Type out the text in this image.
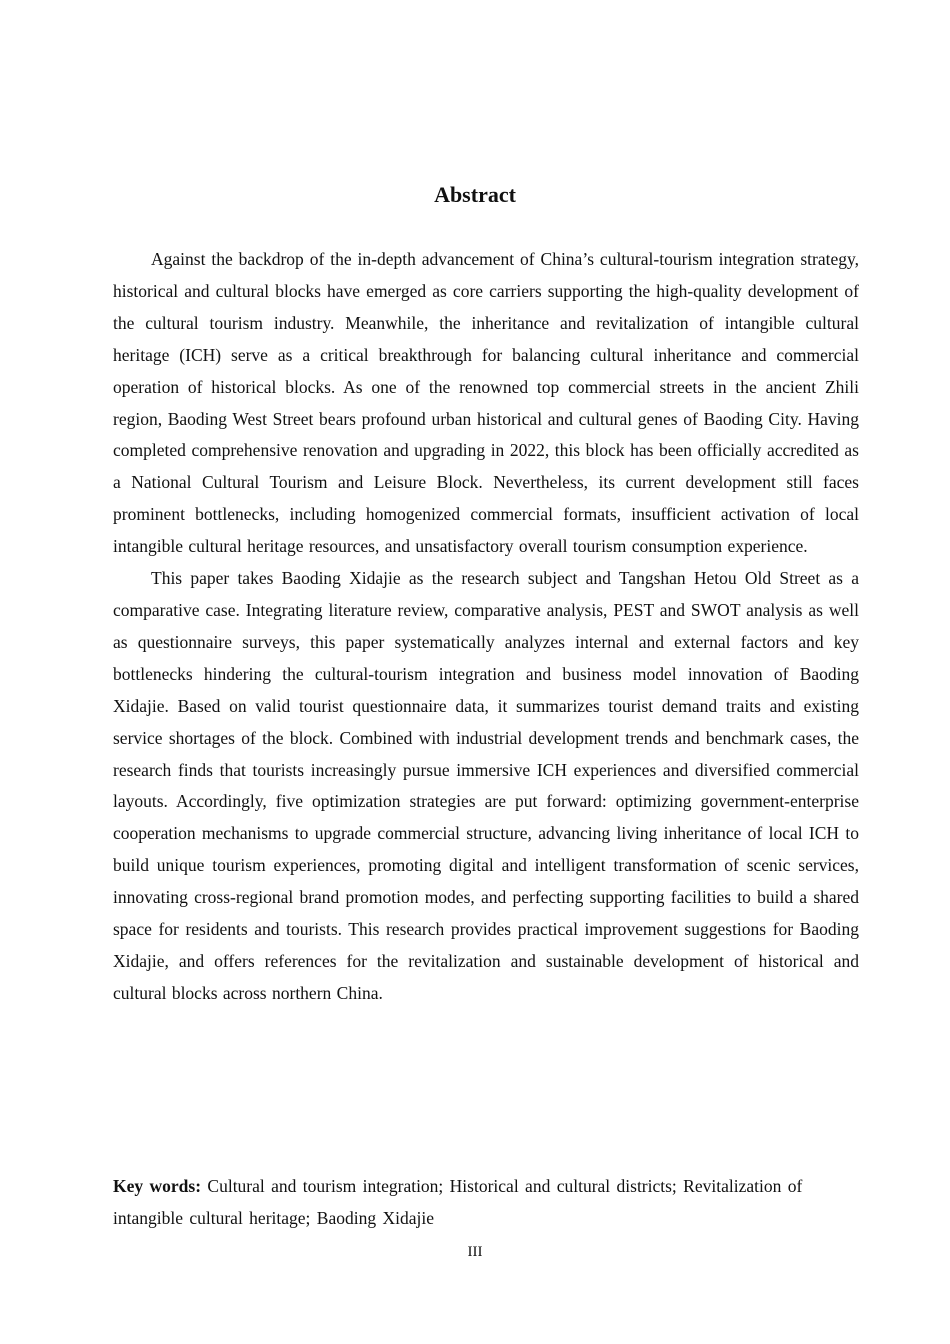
Abstract

Against the backdrop of the in-depth advancement of China’s cultural-tourism integration strategy, historical and cultural blocks have emerged as core carriers supporting the high-quality development of the cultural tourism industry. Meanwhile, the inheritance and revitalization of intangible cultural heritage (ICH) serve as a critical breakthrough for balancing cultural inheritance and commercial operation of historical blocks. As one of the renowned top commercial streets in the ancient Zhili region, Baoding West Street bears profound urban historical and cultural genes of Baoding City. Having completed comprehensive renovation and upgrading in 2022, this block has been officially accredited as a National Cultural Tourism and Leisure Block. Nevertheless, its current development still faces prominent bottlenecks, including homogenized commercial formats, insufficient activation of local intangible cultural heritage resources, and unsatisfactory overall tourism consumption experience.

This paper takes Baoding Xidajie as the research subject and Tangshan Hetou Old Street as a comparative case. Integrating literature review, comparative analysis, PEST and SWOT analysis as well as questionnaire surveys, this paper systematically analyzes internal and external factors and key bottlenecks hindering the cultural-tourism integration and business model innovation of Baoding Xidajie. Based on valid tourist questionnaire data, it summarizes tourist demand traits and existing service shortages of the block. Combined with industrial development trends and benchmark cases, the research finds that tourists increasingly pursue immersive ICH experiences and diversified commercial layouts. Accordingly, five optimization strategies are put forward: optimizing government-enterprise cooperation mechanisms to upgrade commercial structure, advancing living inheritance of local ICH to build unique tourism experiences, promoting digital and intelligent transformation of scenic services, innovating cross-regional brand promotion modes, and perfecting supporting facilities to build a shared space for residents and tourists. This research provides practical improvement suggestions for Baoding Xidajie, and offers references for the revitalization and sustainable development of historical and cultural blocks across northern China.

Key words: Cultural and tourism integration; Historical and cultural districts; Revitalization of intangible cultural heritage; Baoding Xidajie
III
